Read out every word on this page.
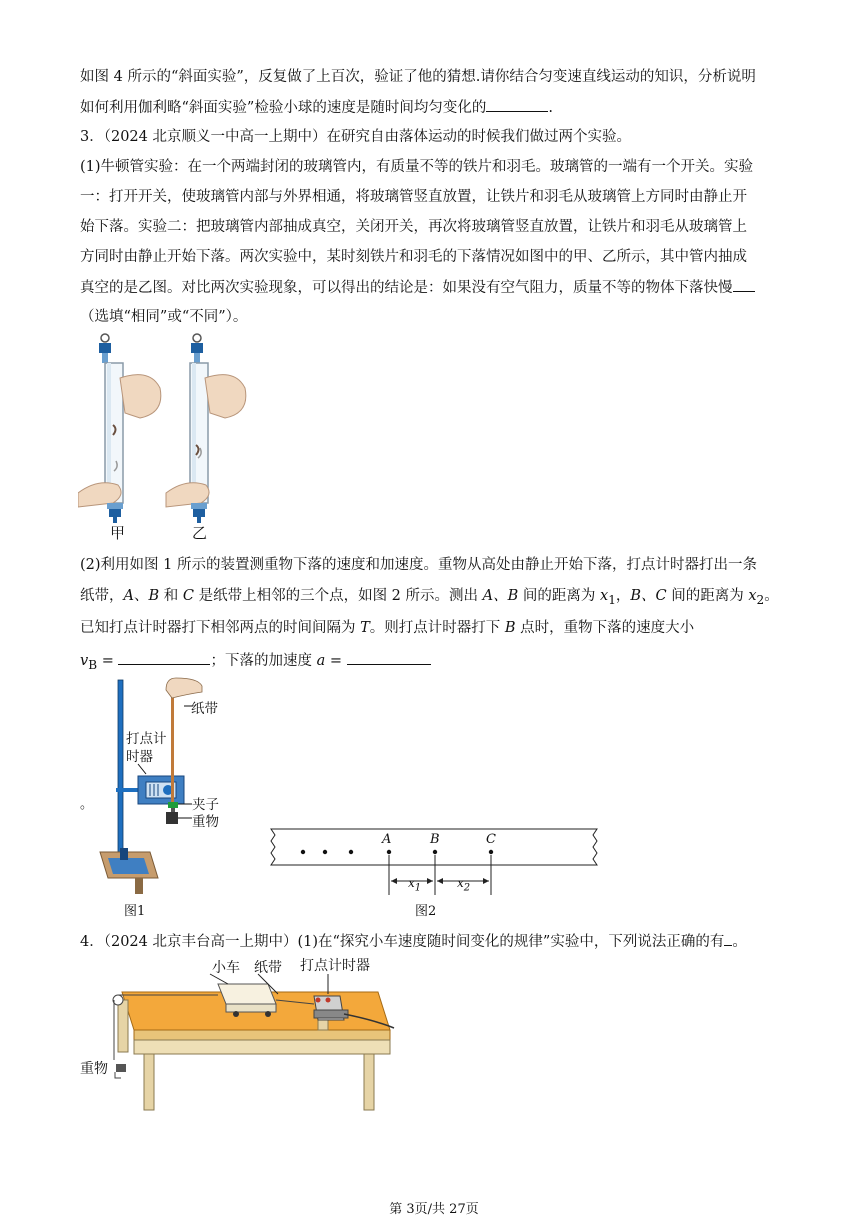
如图 4 所示的“斜面实验”，反复做了上百次，验证了他的猜想.请你结合匀变速直线运动的知识，分析说明
如何利用伽利略“斜面实验”检验小球的速度是随时间均匀变化的	.
3．（2024 北京顺义一中高一上期中）在研究自由落体运动的时候我们做过两个实验。
(1)牛顿管实验：在一个两端封闭的玻璃管内，有质量不等的铁片和羽毛。玻璃管的一端有一个开关。实验
一：打开开关，使玻璃管内部与外界相通，将玻璃管竖直放置，让铁片和羽毛从玻璃管上方同时由静止开
始下落。实验二：把玻璃管内部抽成真空，关闭开关，再次将玻璃管竖直放置，让铁片和羽毛从玻璃管上
方同时由静止开始下落。两次实验中，某时刻铁片和羽毛的下落情况如图中的甲、乙所示，其中管内抽成
真空的是乙图。对比两次实验现象，可以得出的结论是：如果没有空气阻力，质量不等的物体下落快慢
（选填“相同”或“不同”）。
甲	乙
(2)利用如图 1 所示的装置测重物下落的速度和加速度。重物从高处由静止开始下落，打点计时器打出一条
纸带，A、B 和 C 是纸带上相邻的三个点，如图 2 所示。测出 A、B 间的距离为 $x_1$，B、C 间的距离为 $x_2$。
已知打点计时器打下相邻两点的时间间隔为 T。则打点计时器打下 B 点时，重物下落的速度大小
$v_B$ =	；下落的加速度 a =
纸带
打点计
时器
夹子
重物
。
图1
A	B	C
$x_1$	$x_2$
图2
4．（2024 北京丰台高一上期中）(1)在“探究小车速度随时间变化的规律”实验中，下列说法正确的有 。
小车 纸带 打点计时器
重物
第 3页/共 27页
